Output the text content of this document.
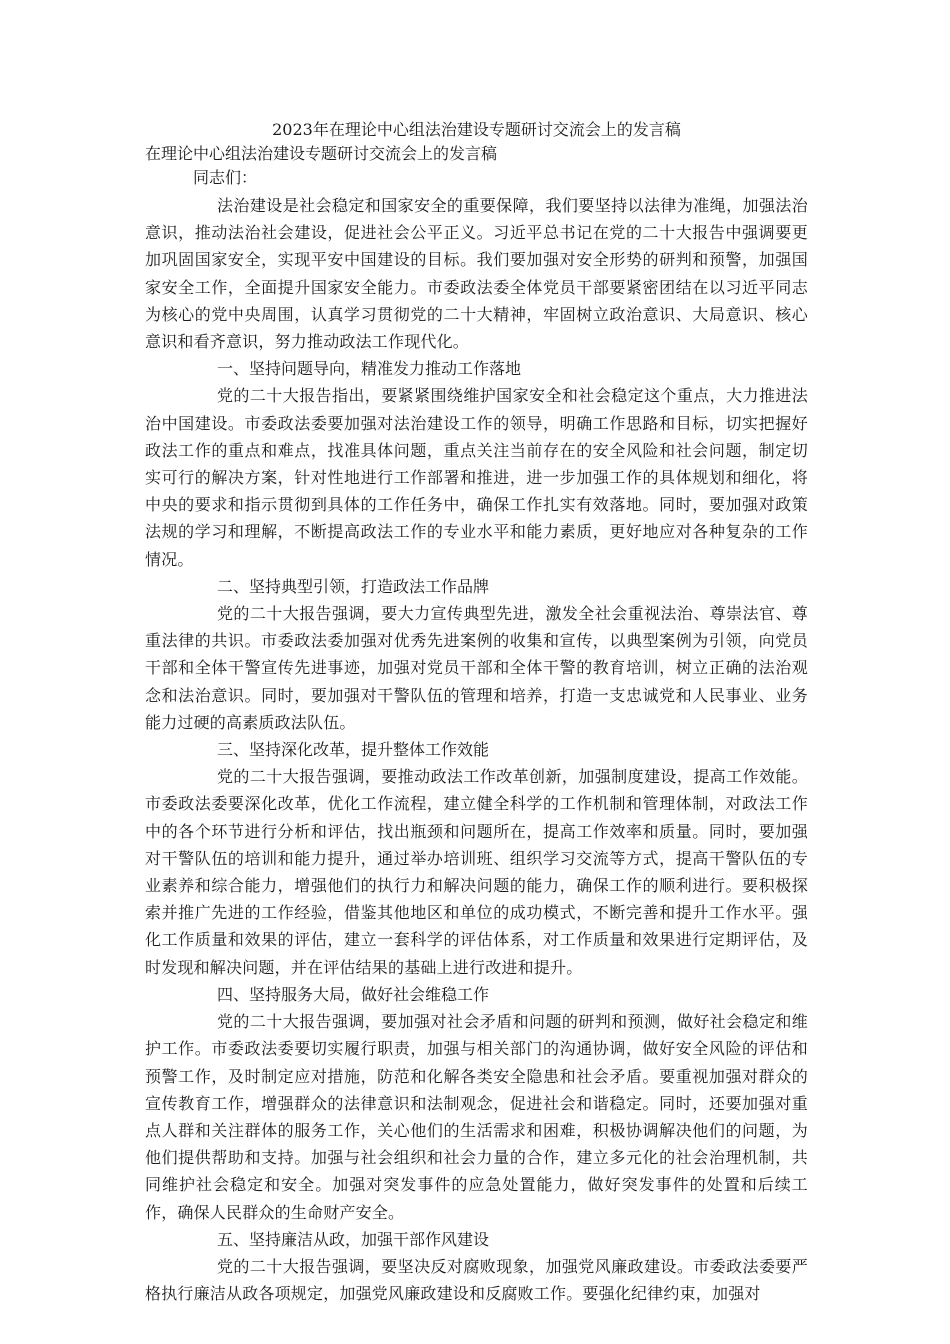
2023年在理论中心组法治建设专题研讨交流会上的发言稿

在理论中心组法治建设专题研讨交流会上的发言稿

同志们：

法治建设是社会稳定和国家安全的重要保障，我们要坚持以法律为准绳，加强法治意识，推动法治社会建设，促进社会公平正义。习近平总书记在党的二十大报告中强调要更加巩固国家安全，实现平安中国建设的目标。我们要加强对安全形势的研判和预警，加强国家安全工作，全面提升国家安全能力。市委政法委全体党员干部要紧密团结在以习近平同志为核心的党中央周围，认真学习贯彻党的二十大精神，牢固树立政治意识、大局意识、核心意识和看齐意识，努力推动政法工作现代化。

一、坚持问题导向，精准发力推动工作落地

党的二十大报告指出，要紧紧围绕维护国家安全和社会稳定这个重点，大力推进法治中国建设。市委政法委要加强对法治建设工作的领导，明确工作思路和目标，切实把握好政法工作的重点和难点，找准具体问题，重点关注当前存在的安全风险和社会问题，制定切实可行的解决方案，针对性地进行工作部署和推进，进一步加强工作的具体规划和细化，将中央的要求和指示贯彻到具体的工作任务中，确保工作扎实有效落地。同时，要加强对政策法规的学习和理解，不断提高政法工作的专业水平和能力素质，更好地应对各种复杂的工作情况。

二、坚持典型引领，打造政法工作品牌

党的二十大报告强调，要大力宣传典型先进，激发全社会重视法治、尊崇法官、尊重法律的共识。市委政法委加强对优秀先进案例的收集和宣传，以典型案例为引领，向党员干部和全体干警宣传先进事迹，加强对党员干部和全体干警的教育培训，树立正确的法治观念和法治意识。同时，要加强对干警队伍的管理和培养，打造一支忠诚党和人民事业、业务能力过硬的高素质政法队伍。

三、坚持深化改革，提升整体工作效能

党的二十大报告强调，要推动政法工作改革创新，加强制度建设，提高工作效能。市委政法委要深化改革，优化工作流程，建立健全科学的工作机制和管理体制，对政法工作中的各个环节进行分析和评估，找出瓶颈和问题所在，提高工作效率和质量。同时，要加强对干警队伍的培训和能力提升，通过举办培训班、组织学习交流等方式，提高干警队伍的专业素养和综合能力，增强他们的执行力和解决问题的能力，确保工作的顺利进行。要积极探索并推广先进的工作经验，借鉴其他地区和单位的成功模式，不断完善和提升工作水平。强化工作质量和效果的评估，建立一套科学的评估体系，对工作质量和效果进行定期评估，及时发现和解决问题，并在评估结果的基础上进行改进和提升。

四、坚持服务大局，做好社会维稳工作

党的二十大报告强调，要加强对社会矛盾和问题的研判和预测，做好社会稳定和维护工作。市委政法委要切实履行职责，加强与相关部门的沟通协调，做好安全风险的评估和预警工作，及时制定应对措施，防范和化解各类安全隐患和社会矛盾。要重视加强对群众的宣传教育工作，增强群众的法律意识和法制观念，促进社会和谐稳定。同时，还要加强对重点人群和关注群体的服务工作，关心他们的生活需求和困难，积极协调解决他们的问题，为他们提供帮助和支持。加强与社会组织和社会力量的合作，建立多元化的社会治理机制，共同维护社会稳定和安全。加强对突发事件的应急处置能力，做好突发事件的处置和后续工作，确保人民群众的生命财产安全。

五、坚持廉洁从政，加强干部作风建设

党的二十大报告强调，要坚决反对腐败现象，加强党风廉政建设。市委政法委要严格执行廉洁从政各项规定，加强党风廉政建设和反腐败工作。要强化纪律约束，加强对
